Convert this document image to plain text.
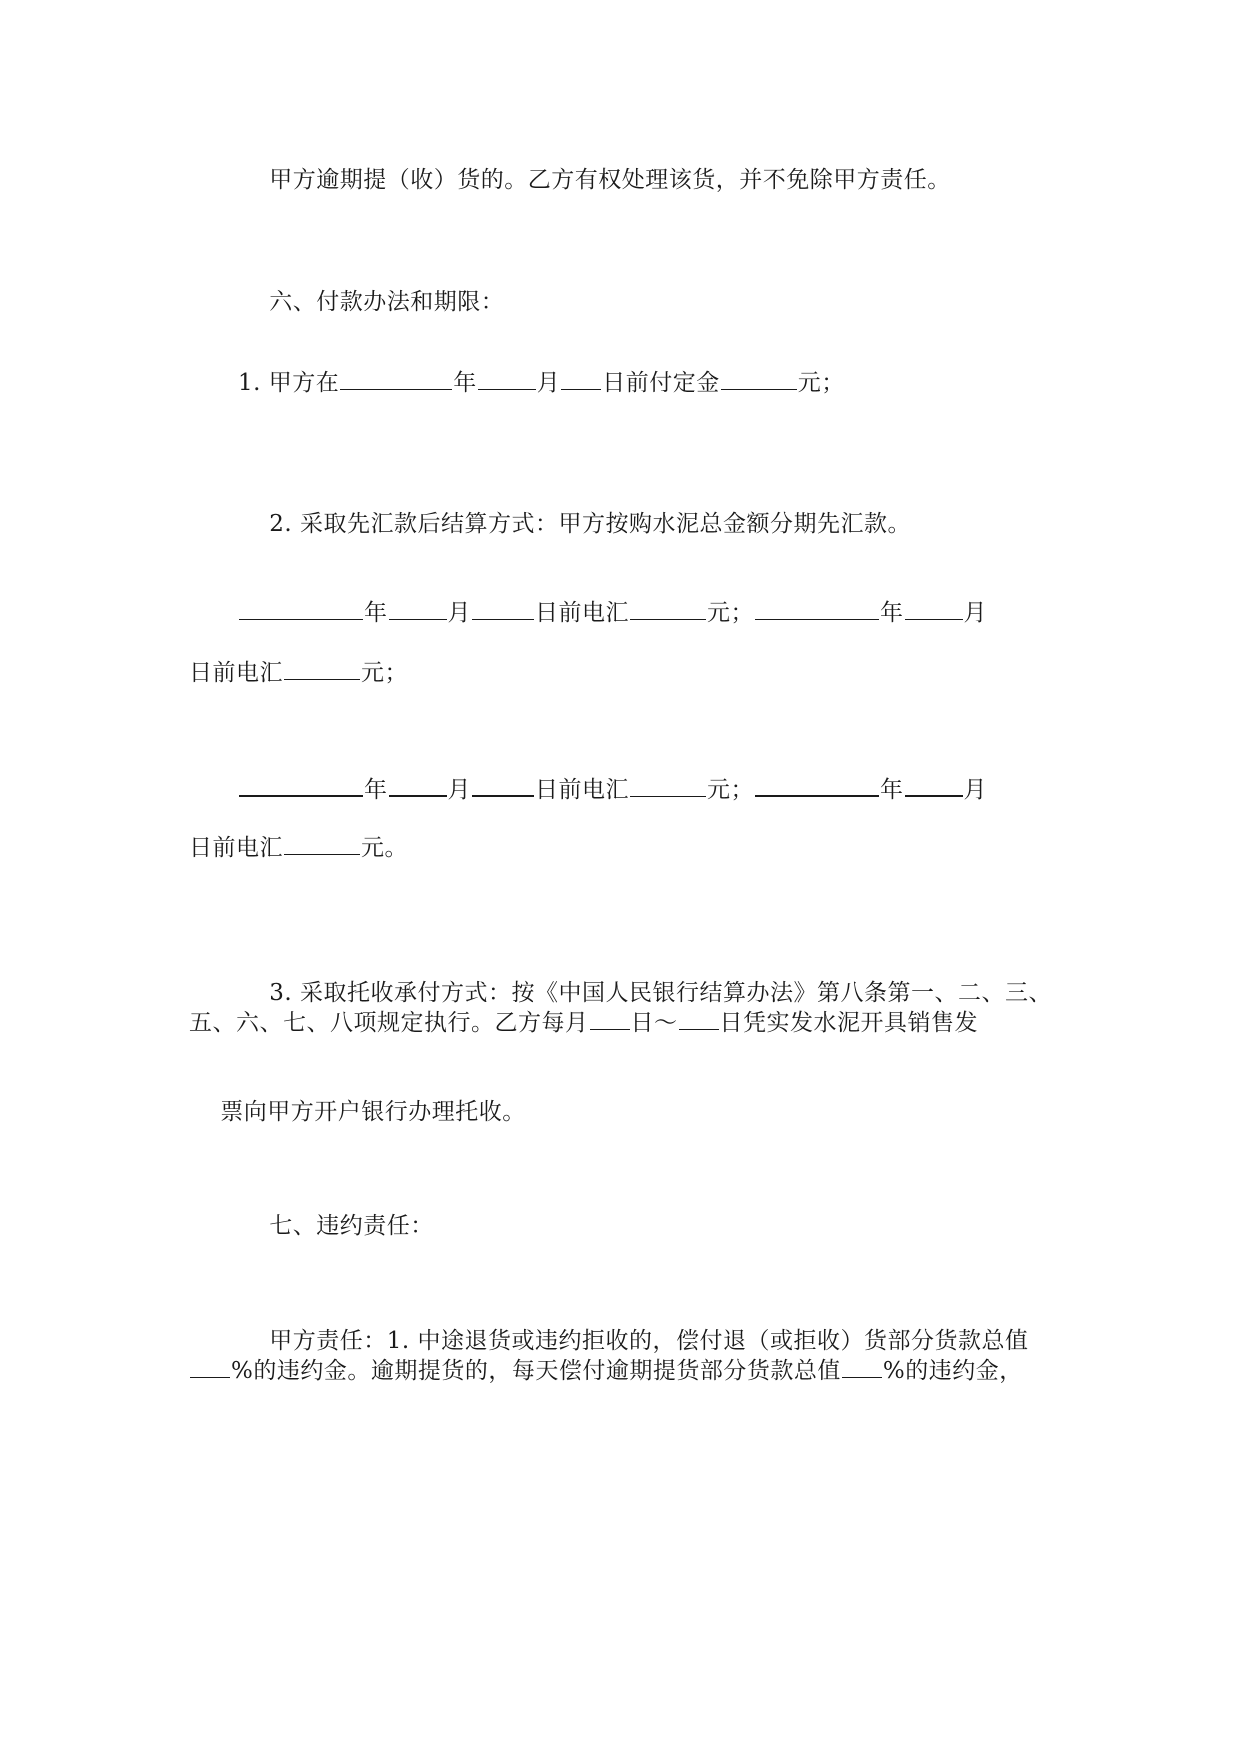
甲方逾期提（收）货的。乙方有权处理该货，并不免除甲方责任。

六、付款办法和期限：

1. 甲方在	年	月 日前付定金	元；

2. 采取先汇款后结算方式：甲方按购水泥总金额分期先汇款。

年	月	日前电汇	元；	年	月
日前电汇	元；
年	月	日前电汇	元；	年	月
日前电汇	元。

3. 采取托收承付方式：按《中国人民银行结算办法》第八条第一、二、三、

五、六、七、八项规定执行。乙方每月 日～ 日凭实发水泥开具销售发

票向甲方开户银行办理托收。

七、违约责任：

甲方责任：1. 中途退货或违约拒收的，偿付退（或拒收）货部分货款总值

%的违约金。逾期提货的，每天偿付逾期提货部分货款总值 %的违约金，
